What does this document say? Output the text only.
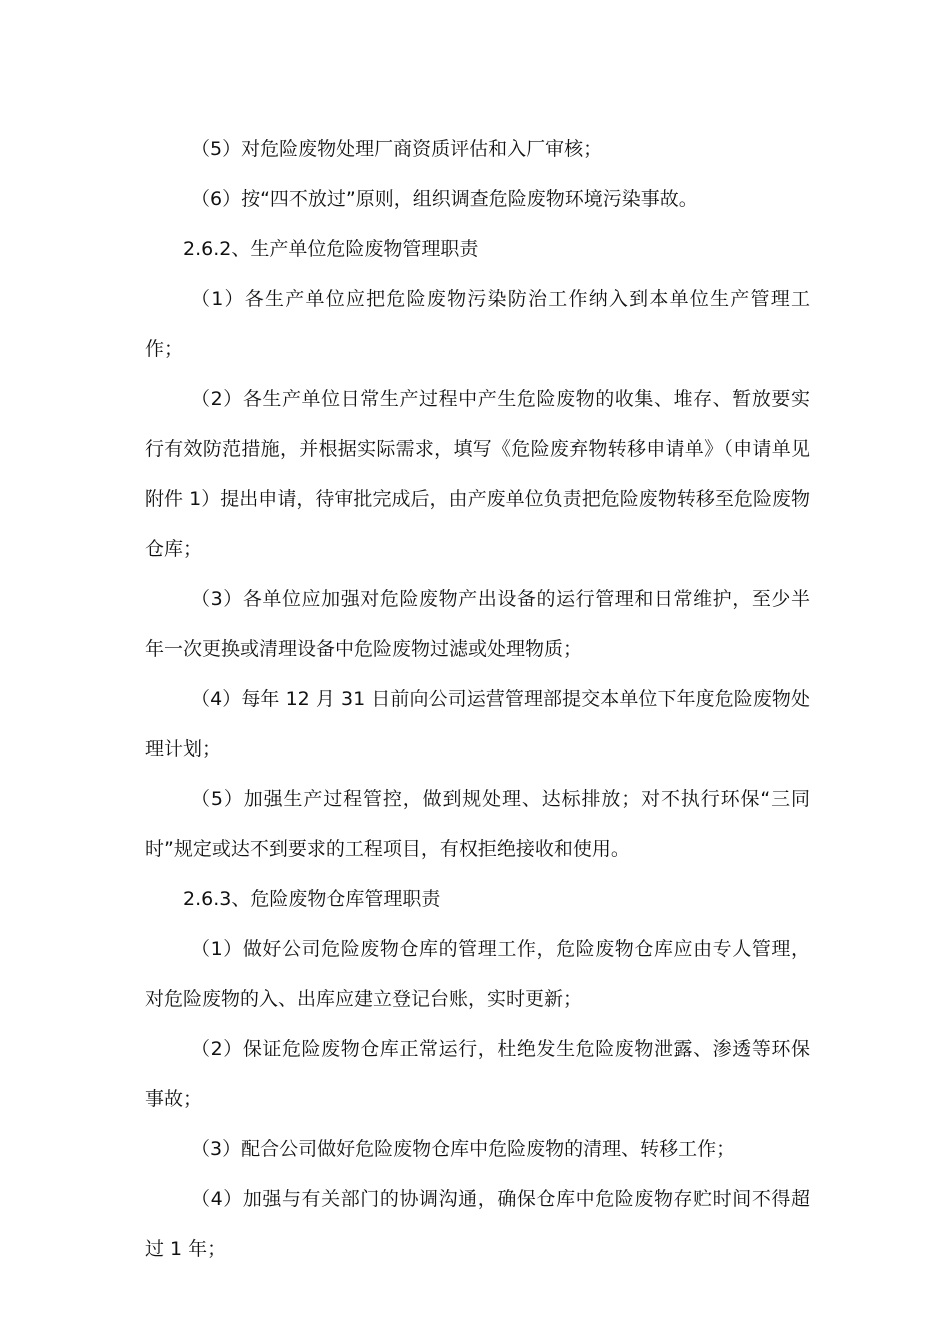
（5）对危险废物处理厂商资质评估和入厂审核；

（6）按“四不放过”原则，组织调查危险废物环境污染事故。

2.6.2、生产单位危险废物管理职责

（1）各生产单位应把危险废物污染防治工作纳入到本单位生产管理工作；

（2）各生产单位日常生产过程中产生危险废物的收集、堆存、暂放要实行有效防范措施，并根据实际需求，填写《危险废弃物转移申请单》（申请单见附件 1）提出申请，待审批完成后，由产废单位负责把危险废物转移至危险废物仓库；

（3）各单位应加强对危险废物产出设备的运行管理和日常维护，至少半年一次更换或清理设备中危险废物过滤或处理物质；

（4）每年 12 月 31 日前向公司运营管理部提交本单位下年度危险废物处理计划；

（5）加强生产过程管控，做到规处理、达标排放；对不执行环保“三同时”规定或达不到要求的工程项目，有权拒绝接收和使用。

2.6.3、危险废物仓库管理职责

（1）做好公司危险废物仓库的管理工作，危险废物仓库应由专人管理，对危险废物的入、出库应建立登记台账，实时更新；

（2）保证危险废物仓库正常运行，杜绝发生危险废物泄露、渗透等环保事故；

（3）配合公司做好危险废物仓库中危险废物的清理、转移工作；

（4）加强与有关部门的协调沟通，确保仓库中危险废物存贮时间不得超过 1 年；
